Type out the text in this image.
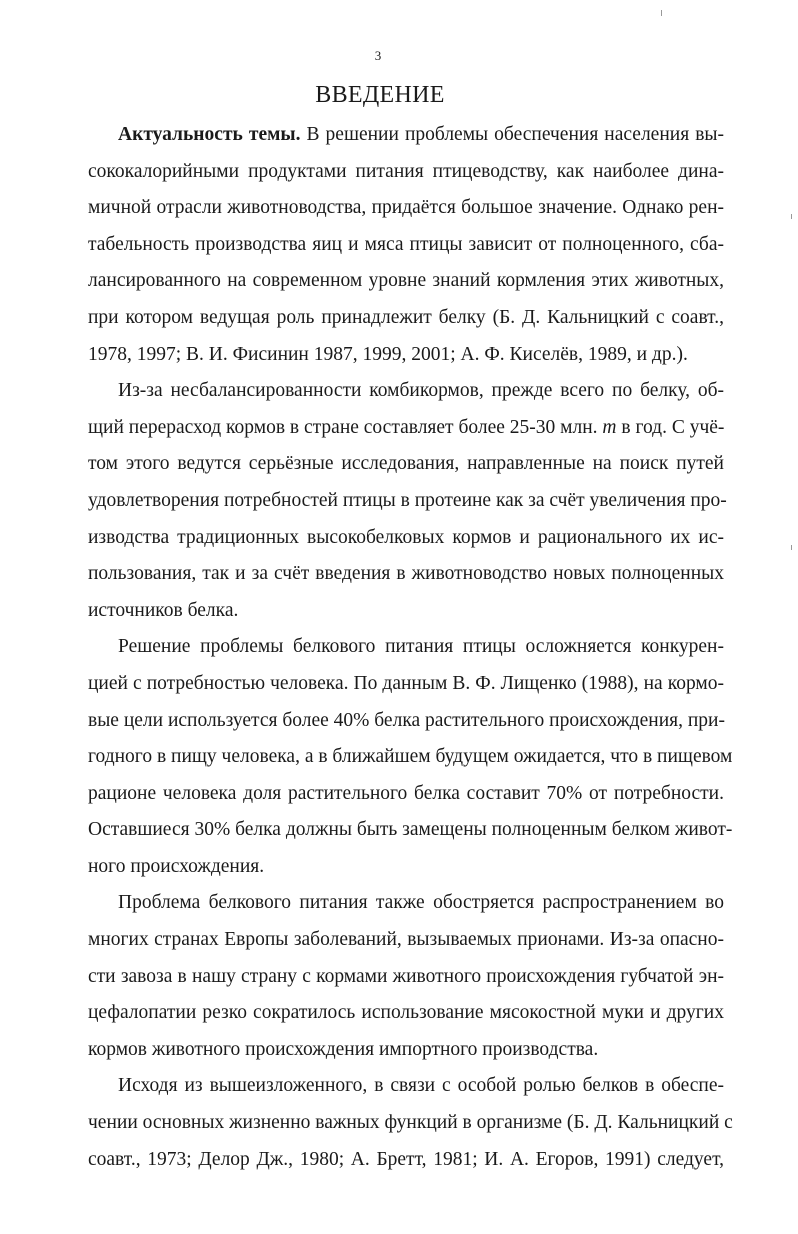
3
ВВЕДЕНИЕ
Актуальность темы. В решении проблемы обеспечения населения вы-
сококалорийными продуктами питания птицеводству, как наиболее дина-
мичной отрасли животноводства, придаётся большое значение. Однако рен-
табельность производства яиц и мяса птицы зависит от полноценного, сба-
лансированного на современном уровне знаний кормления этих животных,
при котором ведущая роль принадлежит белку (Б. Д. Кальницкий с соавт.,
1978, 1997; В. И. Фисинин 1987, 1999, 2001; А. Ф. Киселёв, 1989, и др.).
Из-за несбалансированности комбикормов, прежде всего по белку, об-
щий перерасход кормов в стране составляет более 25-30 млн. т в год. С учё-
том этого ведутся серьёзные исследования, направленные на поиск путей
удовлетворения потребностей птицы в протеине как за счёт увеличения про-
изводства традиционных высокобелковых кормов и рационального их ис-
пользования, так и за счёт введения в животноводство новых полноценных
источников белка.
Решение проблемы белкового питания птицы осложняется конкурен-
цией с потребностью человека. По данным В. Ф. Лищенко (1988), на кормо-
вые цели используется более 40% белка растительного происхождения, при-
годного в пищу человека, а в ближайшем будущем ожидается, что в пищевом
рационе человека доля растительного белка составит 70% от потребности.
Оставшиеся 30% белка должны быть замещены полноценным белком живот-
ного происхождения.
Проблема белкового питания также обостряется распространением во
многих странах Европы заболеваний, вызываемых прионами. Из-за опасно-
сти завоза в нашу страну с кормами животного происхождения губчатой эн-
цефалопатии резко сократилось использование мясокостной муки и других
кормов животного происхождения импортного производства.
Исходя из вышеизложенного, в связи с особой ролью белков в обеспе-
чении основных жизненно важных функций в организме (Б. Д. Кальницкий с
соавт., 1973; Делор Дж., 1980; А. Бретт, 1981; И. А. Егоров, 1991) следует,
